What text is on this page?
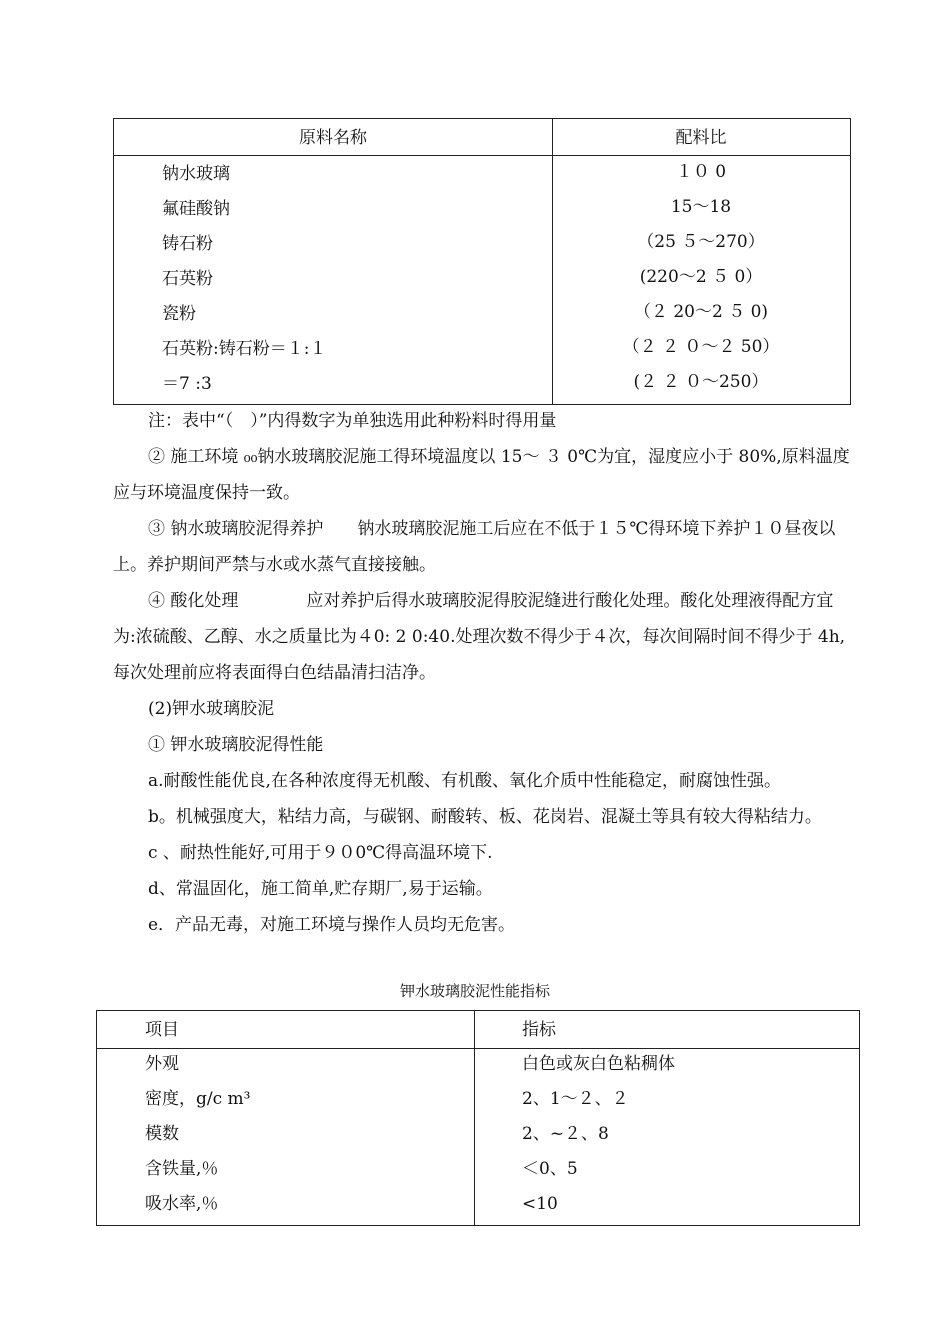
原料名称	配料比
钠水玻璃
氟硅酸钠
铸石粉
石英粉
瓷粉
石英粉:铸石粉＝１:１
＝7 :3
１０ 0
15～18
（25 ５～270）
(220～2 ５ 0）
（２ 20～2 ５ 0)
（２ ２ ０～２ 50）
(２ ２ ０～250）

注：表中“（　）”内得数字为单独选用此种粉料时得用量

② 施工环境 ₀₀钠水玻璃胶泥施工得环境温度以 15～ ３ 0℃为宜，湿度应小于 80%,原料温度应与环境温度保持一致。

③ 钠水玻璃胶泥得养护　　钠水玻璃胶泥施工后应在不低于１５℃得环境下养护１０昼夜以上。养护期间严禁与水或水蒸气直接接触。

④ 酸化处理　　　　应对养护后得水玻璃胶泥得胶泥缝进行酸化处理。酸化处理液得配方宜为:浓硫酸、乙醇、水之质量比为４0: 2 0:40.处理次数不得少于４次，每次间隔时间不得少于 4h,每次处理前应将表面得白色结晶清扫洁净。

(2)钾水玻璃胶泥

① 钾水玻璃胶泥得性能

a.耐酸性能优良,在各种浓度得无机酸、有机酸、氧化介质中性能稳定，耐腐蚀性强。

b。机械强度大，粘结力高，与碳钢、耐酸转、板、花岗岩、混凝土等具有较大得粘结力。

c 、耐热性能好,可用于９０0℃得高温环境下.

d、常温固化，施工简单,贮存期厂,易于运输。

e．产品无毒，对施工环境与操作人员均无危害。

钾水玻璃胶泥性能指标
项目	指标
外观
密度，g/c m³
模数
含铁量,％
吸水率,％
白色或灰白色粘稠体
2、1～２、２
2、~２、8
＜0、5
<10
